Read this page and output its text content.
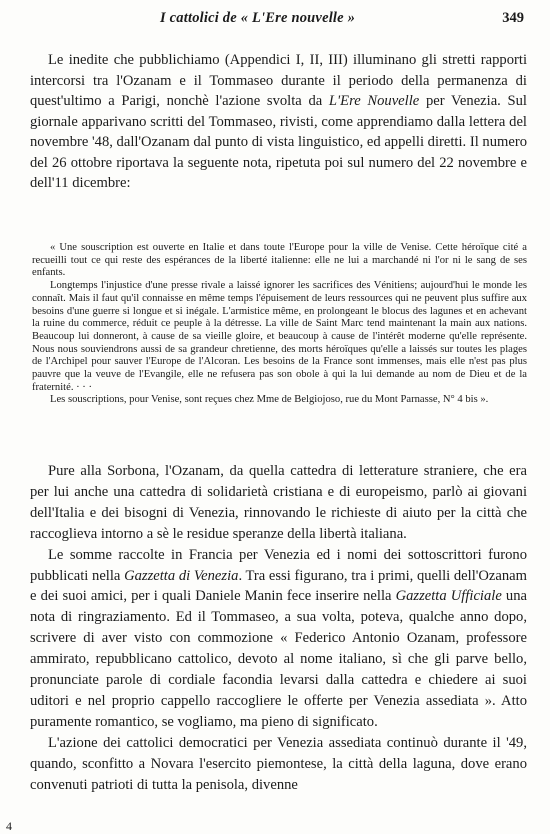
I cattolici de « L'Ere nouvelle »	349

Le inedite che pubblichiamo (Appendici I, II, III) illuminano gli stretti rapporti intercorsi tra l'Ozanam e il Tommaseo durante il periodo della permanenza di quest'ultimo a Parigi, nonchè l'azione svolta da L'Ere Nouvelle per Venezia. Sul giornale apparivano scritti del Tommaseo, rivisti, come apprendiamo dalla lettera del novembre '48, dall'Ozanam dal punto di vista linguistico, ed appelli diretti. Il numero del 26 ottobre riportava la seguente nota, ripetuta poi sul numero del 22 novembre e dell'11 dicembre:

« Une souscription est ouverte en Italie et dans toute l'Europe pour la ville de Venise. Cette héroïque cité a recueilli tout ce qui reste des espérances de la liberté italienne: elle ne lui a marchandé ni l'or ni le sang de ses enfants.

Longtemps l'injustice d'une presse rivale a laissé ignorer les sacrifices des Vénitiens; aujourd'hui le monde les connaît. Mais il faut qu'il connaisse en même temps l'épuisement de leurs ressources qui ne peuvent plus suffire aux besoins d'une guerre si longue et si inégale. L'armistice même, en prolongeant le blocus des lagunes et en achevant la ruine du commerce, réduit ce peuple à la détresse. La ville de Saint Marc tend maintenant la main aux nations. Beaucoup lui donneront, à cause de sa vieille gloire, et beaucoup à cause de l'intérêt moderne qu'elle représente. Nous nous souviendrons aussi de sa grandeur chretienne, des morts héroïques qu'elle a laissés sur toutes les plages de l'Archipel pour sauver l'Europe de l'Alcoran. Les besoins de la France sont immenses, mais elle n'est pas plus pauvre que la veuve de l'Evangile, elle ne refusera pas son obole à qui la lui demande au nom de Dieu et de la fraternité. · · ·

Les souscriptions, pour Venise, sont reçues chez Mme de Belgiojoso, rue du Mont Parnasse, N° 4 bis ».

Pure alla Sorbona, l'Ozanam, da quella cattedra di letterature straniere, che era per lui anche una cattedra di solidarietà cristiana e di europeismo, parlò ai giovani dell'Italia e dei bisogni di Venezia, rinnovando le richieste di aiuto per la città che raccoglieva intorno a sè le residue speranze della libertà italiana.

Le somme raccolte in Francia per Venezia ed i nomi dei sottoscrittori furono pubblicati nella Gazzetta di Venezia. Tra essi figurano, tra i primi, quelli dell'Ozanam e dei suoi amici, per i quali Daniele Manin fece inserire nella Gazzetta Ufficiale una nota di ringraziamento. Ed il Tommaseo, a sua volta, poteva, qualche anno dopo, scrivere di aver visto con commozione « Federico Antonio Ozanam, professore ammirato, repubblicano cattolico, devoto al nome italiano, sì che gli parve bello, pronunciate parole di cordiale facondia levarsi dalla cattedra e chiedere ai suoi uditori e nel proprio cappello raccogliere le offerte per Venezia assediata ». Atto puramente romantico, se vogliamo, ma pieno di significato.

L'azione dei cattolici democratici per Venezia assediata continuò durante il '49, quando, sconfitto a Novara l'esercito piemontese, la città della laguna, dove erano convenuti patrioti di tutta la penisola, divenne

4
